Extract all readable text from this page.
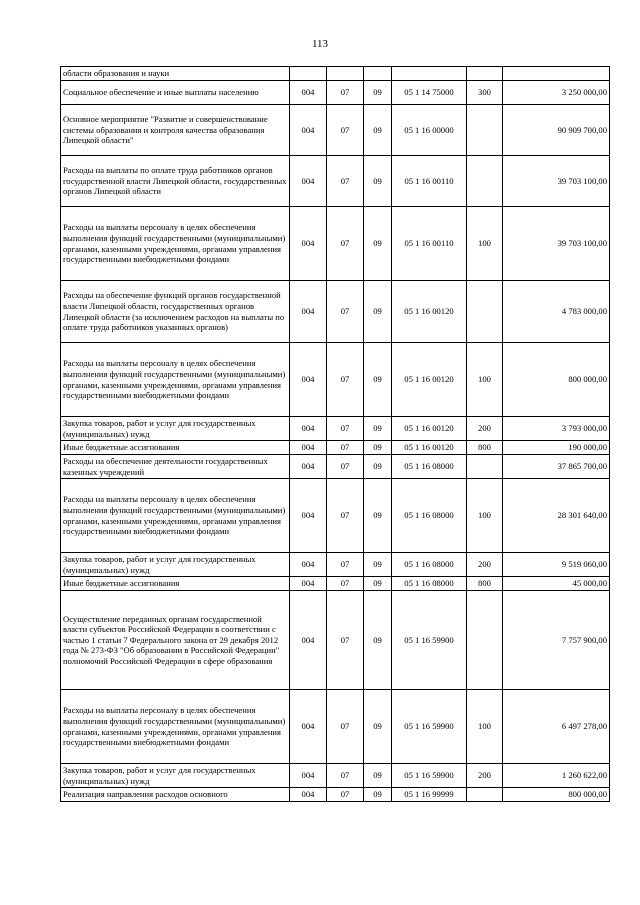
113
области образования и науки						
Социальное обеспечение и иные выплаты населению	004	07	09	05 1 14 75000	300	3 250 000,00
Основное мероприятие "Развитие и совершенствование системы образования и контроля качества образования Липецкой области"	004	07	09	05 1 16 00000		90 909 700,00
Расходы на выплаты по оплате труда работников органов государственной власти Липецкой области, государственных органов Липецкой области	004	07	09	05 1 16 00110		39 703 100,00
Расходы на выплаты персоналу в целях обеспечения выполнения функций государственными (муниципальными) органами, казенными учреждениями, органами управления государственными внебюджетными фондами	004	07	09	05 1 16 00110	100	39 703 100,00
Расходы на обеспечение функций органов государственной власти Липецкой области, государственных органов Липецкой области (за исключением расходов на выплаты по оплате труда работников указанных органов)	004	07	09	05 1 16 00120		4 783 000,00
Расходы на выплаты персоналу в целях обеспечения выполнения функций государственными (муниципальными) органами, казенными учреждениями, органами управления государственными внебюджетными фондами	004	07	09	05 1 16 00120	100	800 000,00
Закупка товаров, работ и услуг для государственных (муниципальных) нужд	004	07	09	05 1 16 00120	200	3 793 000,00
Иные бюджетные ассигнования	004	07	09	05 1 16 00120	800	190 000,00
Расходы на обеспечение деятельности государственных казенных учреждений	004	07	09	05 1 16 08000		37 865 700,00
Расходы на выплаты персоналу в целях обеспечения выполнения функций государственными (муниципальными) органами, казенными учреждениями, органами управления государственными внебюджетными фондами	004	07	09	05 1 16 08000	100	28 301 640,00
Закупка товаров, работ и услуг для государственных (муниципальных) нужд	004	07	09	05 1 16 08000	200	9 519 060,00
Иные бюджетные ассигнования	004	07	09	05 1 16 08000	800	45 000,00
Осуществление переданных органам государственной власти субъектов Российской Федерации в соответствии с частью 1 статьи 7 Федерального закона от 29 декабря 2012 года № 273-ФЗ "Об образовании в Российской Федерации" полномочий Российской Федерации в сфере образования	004	07	09	05 1 16 59900		7 757 900,00
Расходы на выплаты персоналу в целях обеспечения выполнения функций государственными (муниципальными) органами, казенными учреждениями, органами управления государственными внебюджетными фондами	004	07	09	05 1 16 59900	100	6 497 278,00
Закупка товаров, работ и услуг для государственных (муниципальных) нужд	004	07	09	05 1 16 59900	200	1 260 622,00
Реализация направления расходов основного	004	07	09	05 1 16 99999		800 000,00
